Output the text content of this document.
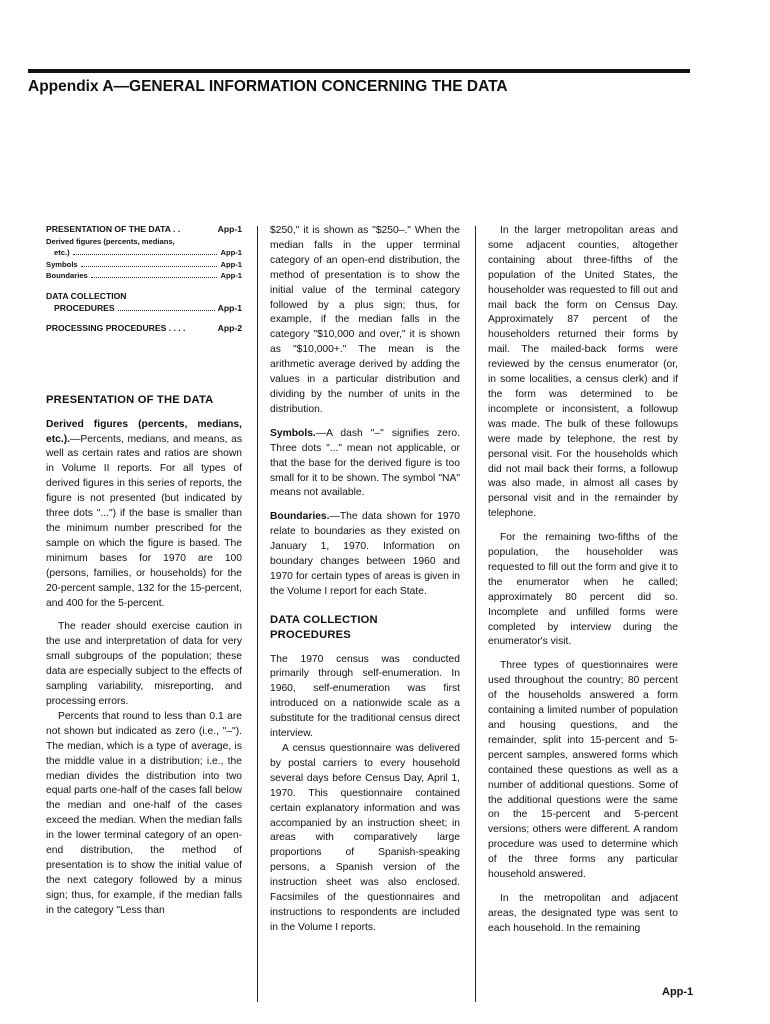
Appendix A—GENERAL INFORMATION CONCERNING THE DATA
PRESENTATION OF THE DATA . .	App-1
Derived figures (percents, medians,
etc.)	App-1
Symbols	App-1
Boundaries	App-1
DATA COLLECTION
PROCEDURES	App-1
PROCESSING PROCEDURES . . . .	App-2
PRESENTATION OF THE DATA

Derived figures (percents, medians, etc.).—Percents, medians, and means, as well as certain rates and ratios are shown in Volume II reports. For all types of derived figures in this series of reports, the figure is not presented (but indicated by three dots "...") if the base is smaller than the minimum number prescribed for the sample on which the figure is based. The minimum bases for 1970 are 100 (persons, families, or households) for the 20-percent sample, 132 for the 15-percent, and 400 for the 5-percent.

The reader should exercise caution in the use and interpretation of data for very small subgroups of the population; these data are especially subject to the effects of sampling variability, misreporting, and processing errors.

Percents that round to less than 0.1 are not shown but indicated as zero (i.e., "–"). The median, which is a type of average, is the middle value in a distribution; i.e., the median divides the distribution into two equal parts one-half of the cases fall below the median and one-half of the cases exceed the median. When the median falls in the lower terminal category of an open-end distribution, the method of presentation is to show the initial value of the next category followed by a minus sign; thus, for example, if the median falls in the category "Less than

$250," it is shown as "$250–." When the median falls in the upper terminal category of an open-end distribution, the method of presentation is to show the initial value of the terminal category followed by a plus sign; thus, for example, if the median falls in the category "$10,000 and over," it is shown as "$10,000+." The mean is the arithmetic average derived by adding the values in a particular distribution and dividing by the number of units in the distribution.

Symbols.—A dash "–" signifies zero. Three dots "..." mean not applicable, or that the base for the derived figure is too small for it to be shown. The symbol "NA" means not available.

Boundaries.—The data shown for 1970 relate to boundaries as they existed on January 1, 1970. Information on boundary changes between 1960 and 1970 for certain types of areas is given in the Volume I report for each State.

DATA COLLECTION PROCEDURES

The 1970 census was conducted primarily through self-enumeration. In 1960, self-enumeration was first introduced on a nationwide scale as a substitute for the traditional census direct interview.

A census questionnaire was delivered by postal carriers to every household several days before Census Day, April 1, 1970. This questionnaire contained certain explanatory information and was accompanied by an instruction sheet; in areas with comparatively large proportions of Spanish-speaking persons, a Spanish version of the instruction sheet was also enclosed. Facsimiles of the questionnaires and instructions to respondents are included in the Volume I reports.

In the larger metropolitan areas and some adjacent counties, altogether containing about three-fifths of the population of the United States, the householder was requested to fill out and mail back the form on Census Day. Approximately 87 percent of the householders returned their forms by mail. The mailed-back forms were reviewed by the census enumerator (or, in some localities, a census clerk) and if the form was determined to be incomplete or inconsistent, a followup was made. The bulk of these followups were made by telephone, the rest by personal visit. For the households which did not mail back their forms, a followup was also made, in almost all cases by personal visit and in the remainder by telephone.

For the remaining two-fifths of the population, the householder was requested to fill out the form and give it to the enumerator when he called; approximately 80 percent did so. Incomplete and unfilled forms were completed by interview during the enumerator's visit.

Three types of questionnaires were used throughout the country; 80 percent of the households answered a form containing a limited number of population and housing questions, and the remainder, split into 15-percent and 5-percent samples, answered forms which contained these questions as well as a number of additional questions. Some of the additional questions were the same on the 15-percent and 5-percent versions; others were different. A random procedure was used to determine which of the three forms any particular household answered.

In the metropolitan and adjacent areas, the designated type was sent to each household. In the remaining

App-1
